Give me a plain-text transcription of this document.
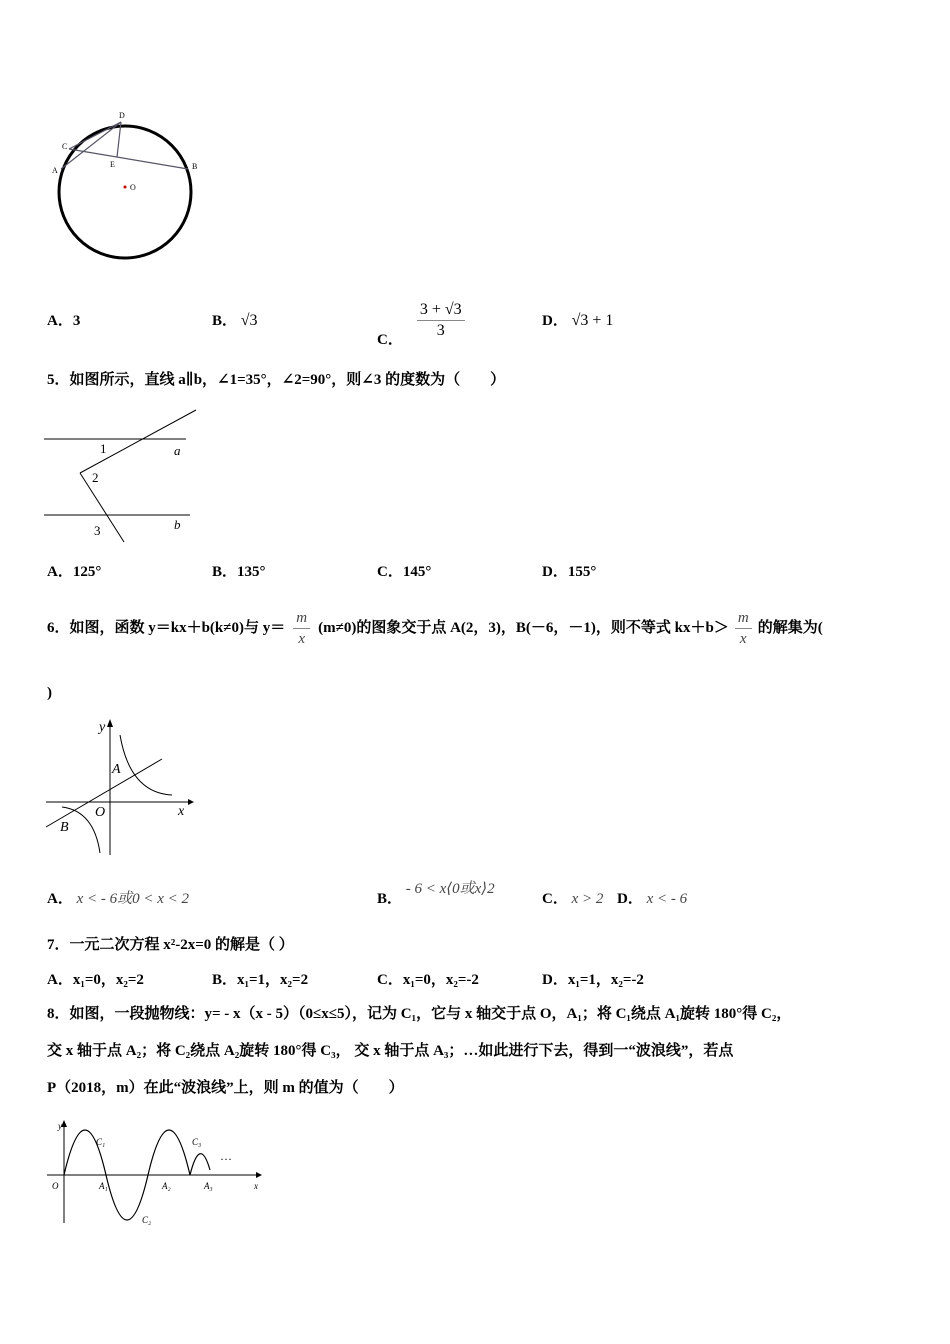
A
C
D
E	B
O
A．3	B． √3
C． $\frac{3 + √3}{3}$	D． √3 + 1
5．如图所示，直线 a∥b，∠1=35°，∠2=90°，则∠3 的度数为（　　）
1
2
3
a
b
A．125°	B．135°	C．145°	D．155°
6．如图，函数 y＝kx＋b(k≠0)与 $y= \frac{m}{x} (m\ne 0)$的图象交于点 A(2，3)，B(－6，－1)，则不等式 $kx+b> \frac{m}{x}$ 的解集为(
)
y
x
A
B
O
A． x < - 6或0 < x < 2	B． - 6 < x⟨0或x⟩2
C． x > 2 D． x < - 6
7．一元二次方程 x²-2x=0 的解是（ ）
A．x₁=0，x₂=2	B．x₁=1，x₂=2	C．x₁=0，x₂=-2	D．x₁=1，x₂=-2
8．如图，一段抛物线：y= - x（x - 5）（0≤x≤5），记为 C₁，它与 x 轴交于点 O，A₁；将 C₁绕点 A₁旋转 180°得 C₂，
交 x 轴于点 A₂；将 C₂绕点 A₂旋转 180°得 C₃， 交 x 轴于点 A₃；…如此进行下去，得到一“波浪线”，若点
P（2018，m）在此“波浪线”上，则 m 的值为（　　）
y
x
O	A₁	A₂	A₃
C₁
C₂
C₃
···
